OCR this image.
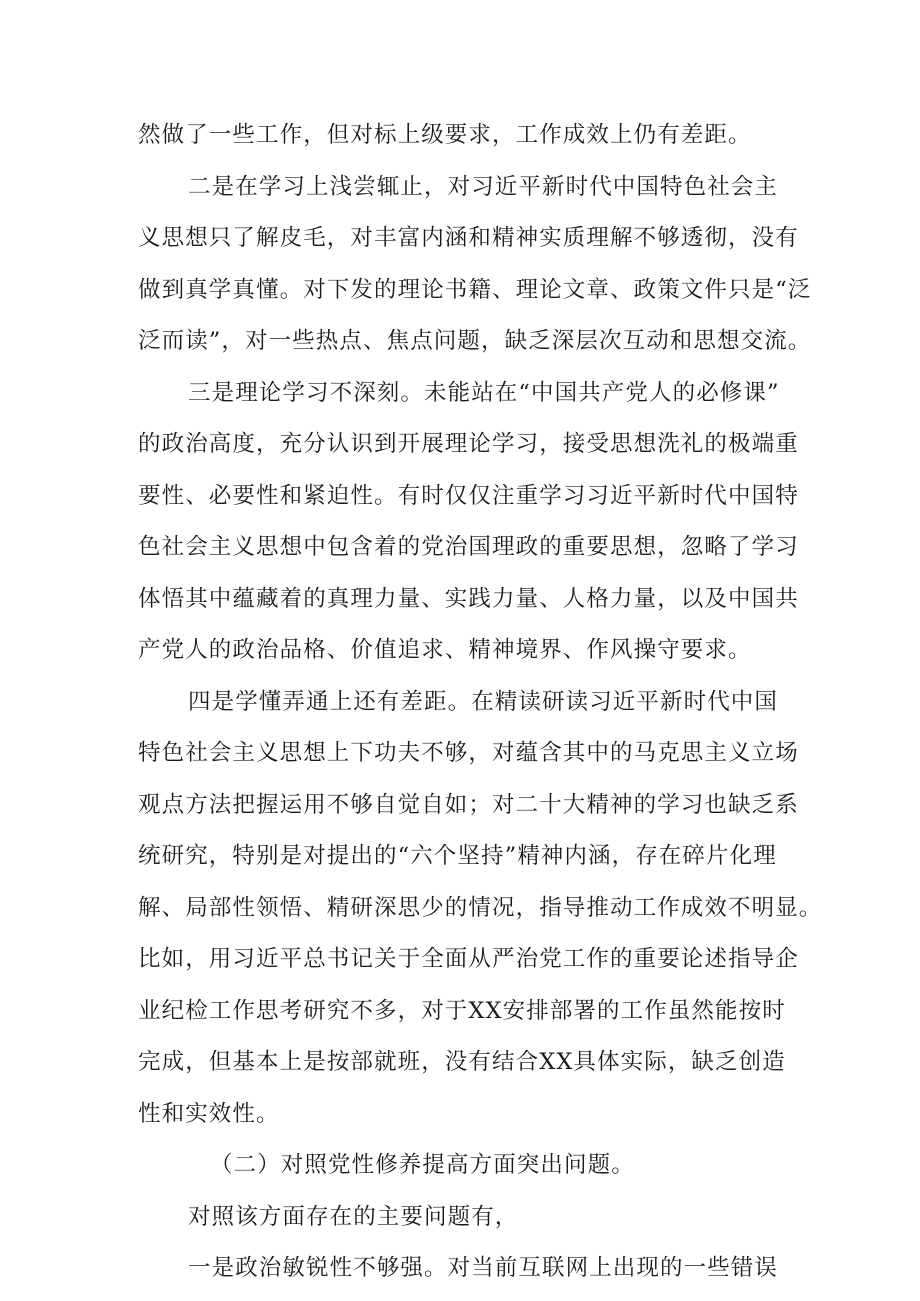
然做了一些工作，但对标上级要求，工作成效上仍有差距。
二是在学习上浅尝辄止，对习近平新时代中国特色社会主
义思想只了解皮毛，对丰富内涵和精神实质理解不够透彻，没有
做到真学真懂。对下发的理论书籍、理论文章、政策文件只是“泛
泛而读”，对一些热点、焦点问题，缺乏深层次互动和思想交流。
三是理论学习不深刻。未能站在“中国共产党人的必修课”
的政治高度，充分认识到开展理论学习，接受思想洗礼的极端重
要性、必要性和紧迫性。有时仅仅注重学习习近平新时代中国特
色社会主义思想中包含着的党治国理政的重要思想，忽略了学习
体悟其中蕴藏着的真理力量、实践力量、人格力量，以及中国共
产党人的政治品格、价值追求、精神境界、作风操守要求。
四是学懂弄通上还有差距。在精读研读习近平新时代中国
特色社会主义思想上下功夫不够，对蕴含其中的马克思主义立场
观点方法把握运用不够自觉自如；对二十大精神的学习也缺乏系
统研究，特别是对提出的“六个坚持”精神内涵，存在碎片化理
解、局部性领悟、精研深思少的情况，指导推动工作成效不明显。
比如，用习近平总书记关于全面从严治党工作的重要论述指导企
业纪检工作思考研究不多，对于XX安排部署的工作虽然能按时
完成，但基本上是按部就班，没有结合XX具体实际，缺乏创造
性和实效性。
（二）对照党性修养提高方面突出问题。
对照该方面存在的主要问题有，
一是政治敏锐性不够强。对当前互联网上出现的一些错误
